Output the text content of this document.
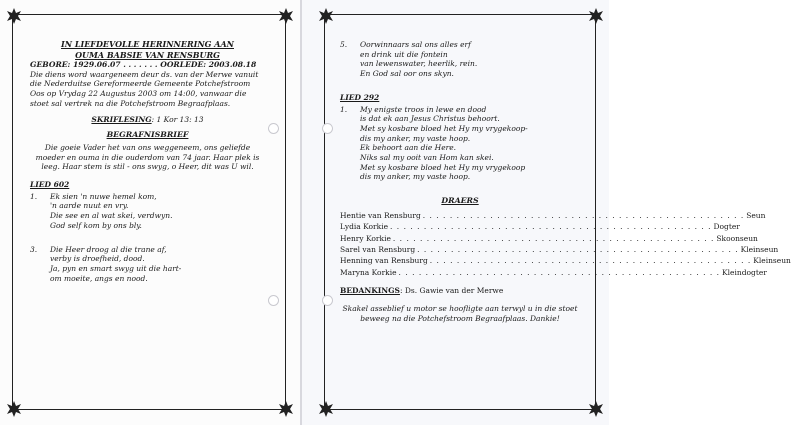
IN LIEFDEVOLLE HERINNERING AAN
OUMA BABSIE VAN RENSBURG
GEBORE: 1929.06.07 . . . . . . . OORLEDE: 2003.08.18
Die diens word waargeneem deur ds. van der Merwe vanuit die Nederduitse Gereformeerde Gemeente Potchefstroom Oos op Vrydag 22 Augustus 2003 om 14:00, vanwaar die stoet sal vertrek na die Potchefstroom Begraafplaas.
SKRIFLESING: 1 Kor 13: 13
BEGRAFNISBRIEF
Die goeie Vader het van ons weggeneem, ons geliefde moeder en ouma in die ouderdom van 74 jaar. Haar plek is leeg. Haar stem is stil - ons swyg, o Heer, dit was U wil.
LIED 602
1.	Ek sien 'n nuwe hemel kom,
'n aarde nuut en vry.
Die see en al wat skei, verdwyn.
God self kom by ons bly.
3.	Die Heer droog al die trane af,
verby is droefheid, dood.
Ja, pyn en smart swyg uit die hart-
om moeite, angs en nood.
5.	Oorwinnaars sal ons alles erf
en drink uit die fontein
van lewenswater, heerlik, rein.
En God sal oor ons skyn.
LIED 292
1.	My enigste troos in lewe en dood
is dat ek aan Jesus Christus behoort.
Met sy kosbare bloed het Hy my vrygekoop-
dis my anker, my vaste hoop.
Ek behoort aan die Here.
Niks sal my ooit van Hom kan skei.
Met sy kosbare bloed het Hy my vrygekoop
dis my anker, my vaste hoop.
DRAERS
Hentie van Rensburg . . . . . . . . . . . . . . . . . . . . . . . . . . . . . . . . . . . . . . . . . . . . . . . . Seun
Lydia Korkie . . . . . . . . . . . . . . . . . . . . . . . . . . . . . . . . . . . . . . . . . . . . . . . . Dogter
Henry Korkie . . . . . . . . . . . . . . . . . . . . . . . . . . . . . . . . . . . . . . . . . . . . . . . . Skoonseun
Sarel van Rensburg . . . . . . . . . . . . . . . . . . . . . . . . . . . . . . . . . . . . . . . . . . . . . . . . Kleinseun
Henning van Rensburg . . . . . . . . . . . . . . . . . . . . . . . . . . . . . . . . . . . . . . . . . . . . . . . . Kleinseun
Maryna Korkie . . . . . . . . . . . . . . . . . . . . . . . . . . . . . . . . . . . . . . . . . . . . . . . . Kleindogter
BEDANKINGS: Ds. Gawie van der Merwe
Skakel asseblief u motor se hoofligte aan terwyl u in die stoet beweeg na die Potchefstroom Begraafplaas. Dankie!
